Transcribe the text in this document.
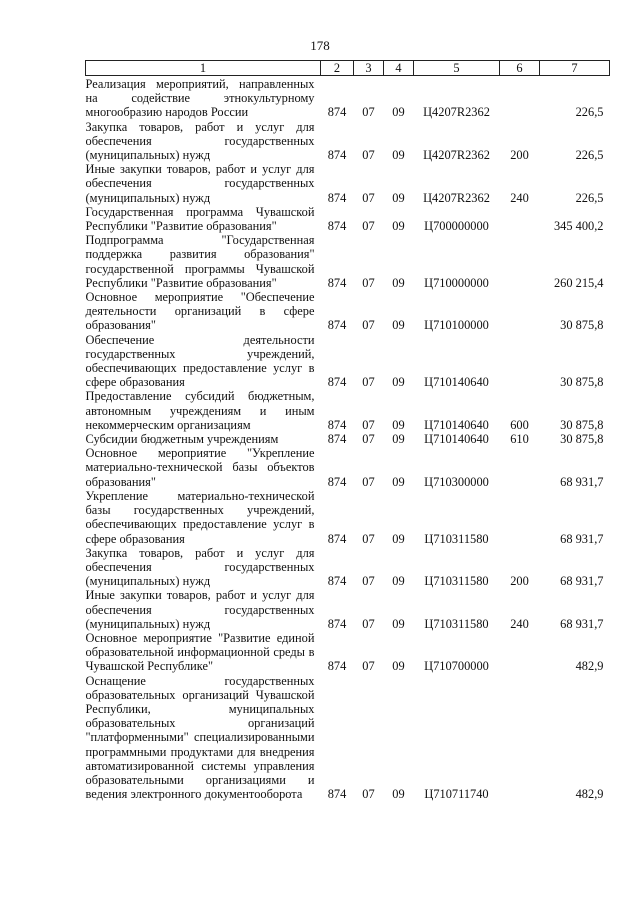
178
1	2	3	4	5	6	7
Реализация мероприятий, направленных на содействие этнокультурному многообразию народов России	874	07	09	Ц4207R2362		226,5
Закупка товаров, работ и услуг для обеспечения государственных (муниципальных) нужд	874	07	09	Ц4207R2362	200	226,5
Иные закупки товаров, работ и услуг для обеспечения государственных (муниципальных) нужд	874	07	09	Ц4207R2362	240	226,5
Государственная программа Чувашской Республики "Развитие образования"	874	07	09	Ц700000000		345 400,2
Подпрограмма "Государственная поддержка развития образования" государственной программы Чувашской Республики "Развитие образования"	874	07	09	Ц710000000		260 215,4
Основное мероприятие "Обеспечение деятельности организаций в сфере образования"	874	07	09	Ц710100000		30 875,8
Обеспечение деятельности государственных учреждений, обеспечивающих предоставление услуг в сфере образования	874	07	09	Ц710140640		30 875,8
Предоставление субсидий бюджетным, автономным учреждениям и иным некоммерческим организациям	874	07	09	Ц710140640	600	30 875,8
Субсидии бюджетным учреждениям	874	07	09	Ц710140640	610	30 875,8
Основное мероприятие "Укрепление материально-технической базы объектов образования"	874	07	09	Ц710300000		68 931,7
Укрепление материально-технической базы государственных учреждений, обеспечивающих предоставление услуг в сфере образования	874	07	09	Ц710311580		68 931,7
Закупка товаров, работ и услуг для обеспечения государственных (муниципальных) нужд	874	07	09	Ц710311580	200	68 931,7
Иные закупки товаров, работ и услуг для обеспечения государственных (муниципальных) нужд	874	07	09	Ц710311580	240	68 931,7
Основное мероприятие "Развитие единой образовательной информационной среды в Чувашской Республике"	874	07	09	Ц710700000		482,9
Оснащение государственных образовательных организаций Чувашской Республики, муниципальных образовательных организаций "платформенными" специализированными программными продуктами для внедрения автоматизированной системы управления образовательными организациями и ведения электронного документооборота	874	07	09	Ц710711740		482,9
